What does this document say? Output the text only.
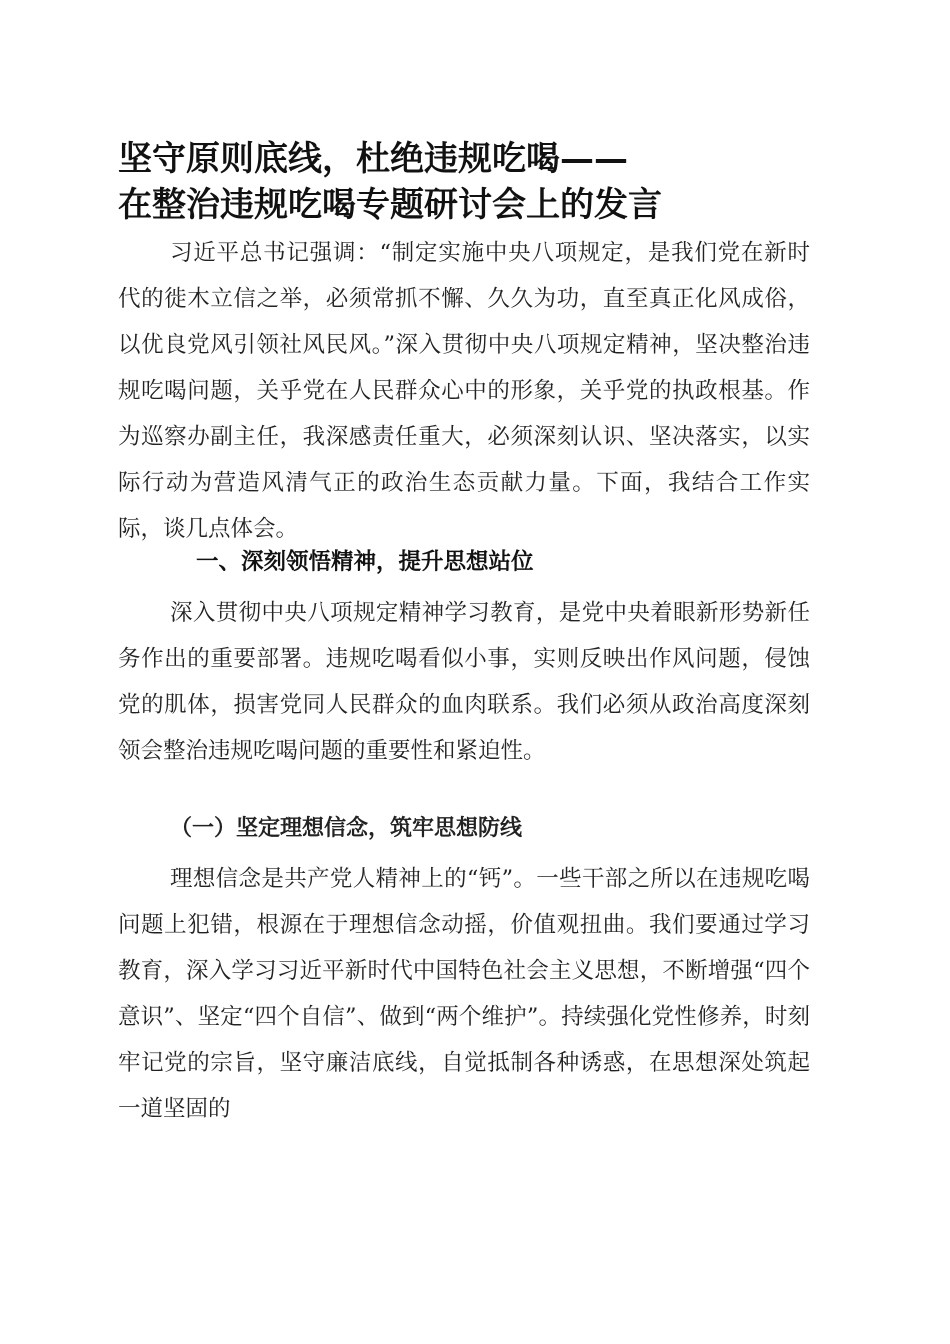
坚守原则底线，杜绝违规吃喝——
在整治违规吃喝专题研讨会上的发言

习近平总书记强调：“制定实施中央八项规定，是我们党在新时代的徙木立信之举，必须常抓不懈、久久为功，直至真正化风成俗，以优良党风引领社风民风。”深入贯彻中央八项规定精神，坚决整治违规吃喝问题，关乎党在人民群众心中的形象，关乎党的执政根基。作为巡察办副主任，我深感责任重大，必须深刻认识、坚决落实，以实际行动为营造风清气正的政治生态贡献力量。下面，我结合工作实际，谈几点体会。

一、深刻领悟精神，提升思想站位

深入贯彻中央八项规定精神学习教育，是党中央着眼新形势新任务作出的重要部署。违规吃喝看似小事，实则反映出作风问题，侵蚀党的肌体，损害党同人民群众的血肉联系。我们必须从政治高度深刻领会整治违规吃喝问题的重要性和紧迫性。

（一）坚定理想信念，筑牢思想防线

理想信念是共产党人精神上的“钙”。一些干部之所以在违规吃喝问题上犯错，根源在于理想信念动摇，价值观扭曲。我们要通过学习教育，深入学习习近平新时代中国特色社会主义思想，不断增强“四个意识”、坚定“四个自信”、做到“两个维护”。持续强化党性修养，时刻牢记党的宗旨，坚守廉洁底线，自觉抵制各种诱惑，在思想深处筑起一道坚固的
